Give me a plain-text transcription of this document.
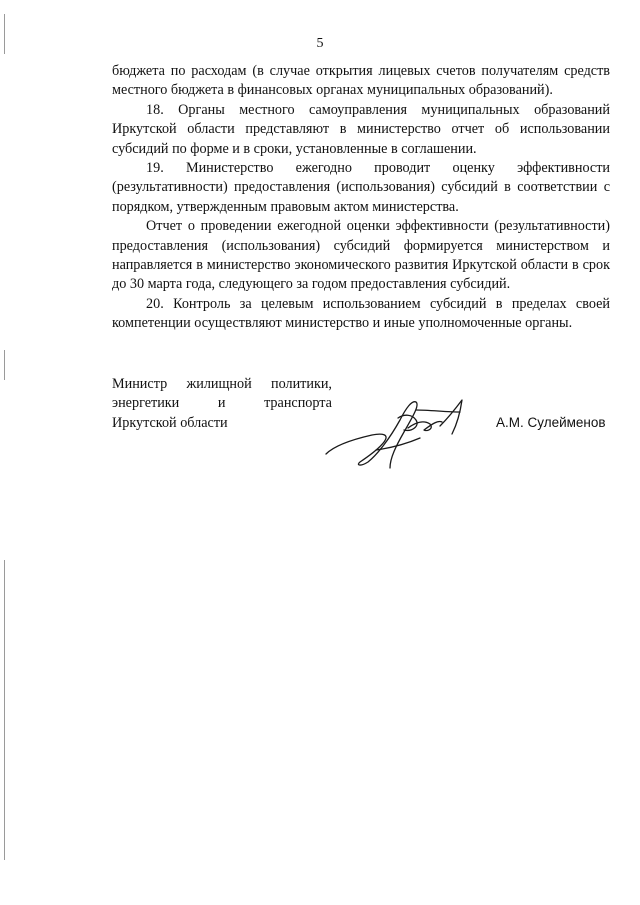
5

бюджета по расходам (в случае открытия лицевых счетов получателям средств местного бюджета в финансовых органах муниципальных образований).

18. Органы местного самоуправления муниципальных образований Иркутской области представляют в министерство отчет об использовании субсидий по форме и в сроки, установленные в соглашении.

19. Министерство ежегодно проводит оценку эффективности (результативности) предоставления (использования) субсидий в соответствии с порядком, утвержденным правовым актом министерства.

Отчет о проведении ежегодной оценки эффективности (результативности) предоставления (использования) субсидий формируется министерством и направляется в министерство экономического развития Иркутской области в срок до 30 марта года, следующего за годом предоставления субсидий.

20. Контроль за целевым использованием субсидий в пределах своей компетенции осуществляют министерство и иные уполномоченные органы.

Министр жилищной политики,
энергетики	и	транспорта
Иркутской области	А.М. Сулейменов
